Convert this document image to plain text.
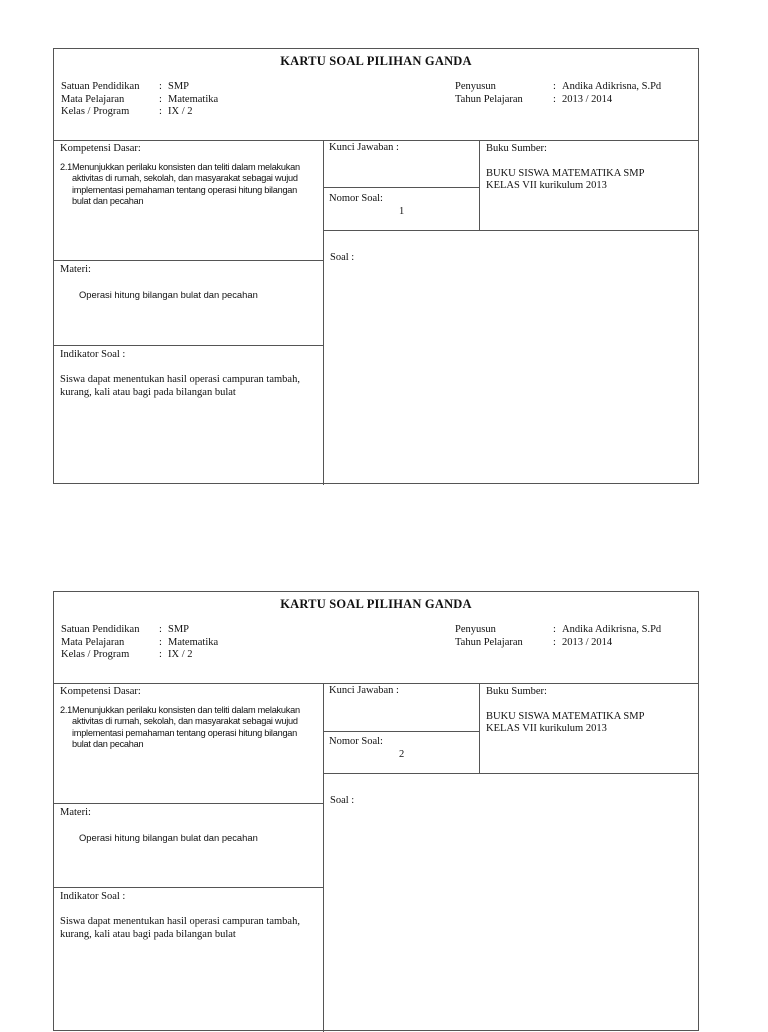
KARTU SOAL PILIHAN GANDA
Satuan Pendidikan : SMP
Mata Pelajaran	: Matematika
Kelas / Program	: IX / 2
Penyusun	: Andika Adikrisna, S.Pd
Tahun Pelajaran	: 2013 / 2014
Kompetensi Dasar:
2.1 Menunjukkan perilaku konsisten dan teliti dalam melakukan aktivitas di rumah, sekolah, dan masyarakat sebagai wujud implementasi pemahaman tentang operasi hitung bilangan bulat dan pecahan
Kunci Jawaban :
Nomor Soal:
1
Buku Sumber:
BUKU SISWA MATEMATIKA SMP
KELAS VII kurikulum 2013
Soal :
Materi:
Operasi hitung bilangan bulat dan pecahan
Indikator Soal :
Siswa dapat menentukan hasil operasi campuran tambah, kurang, kali atau bagi pada bilangan bulat
KARTU SOAL PILIHAN GANDA
Satuan Pendidikan : SMP
Mata Pelajaran	: Matematika
Kelas / Program	: IX / 2
Penyusun	: Andika Adikrisna, S.Pd
Tahun Pelajaran	: 2013 / 2014
Kompetensi Dasar:
2.1 Menunjukkan perilaku konsisten dan teliti dalam melakukan aktivitas di rumah, sekolah, dan masyarakat sebagai wujud implementasi pemahaman tentang operasi hitung bilangan bulat dan pecahan
Kunci Jawaban :
Nomor Soal:
2
Buku Sumber:
BUKU SISWA MATEMATIKA SMP
KELAS VII kurikulum 2013
Soal :
Materi:
Operasi hitung bilangan bulat dan pecahan
Indikator Soal :
Siswa dapat menentukan hasil operasi campuran tambah, kurang, kali atau bagi pada bilangan bulat
